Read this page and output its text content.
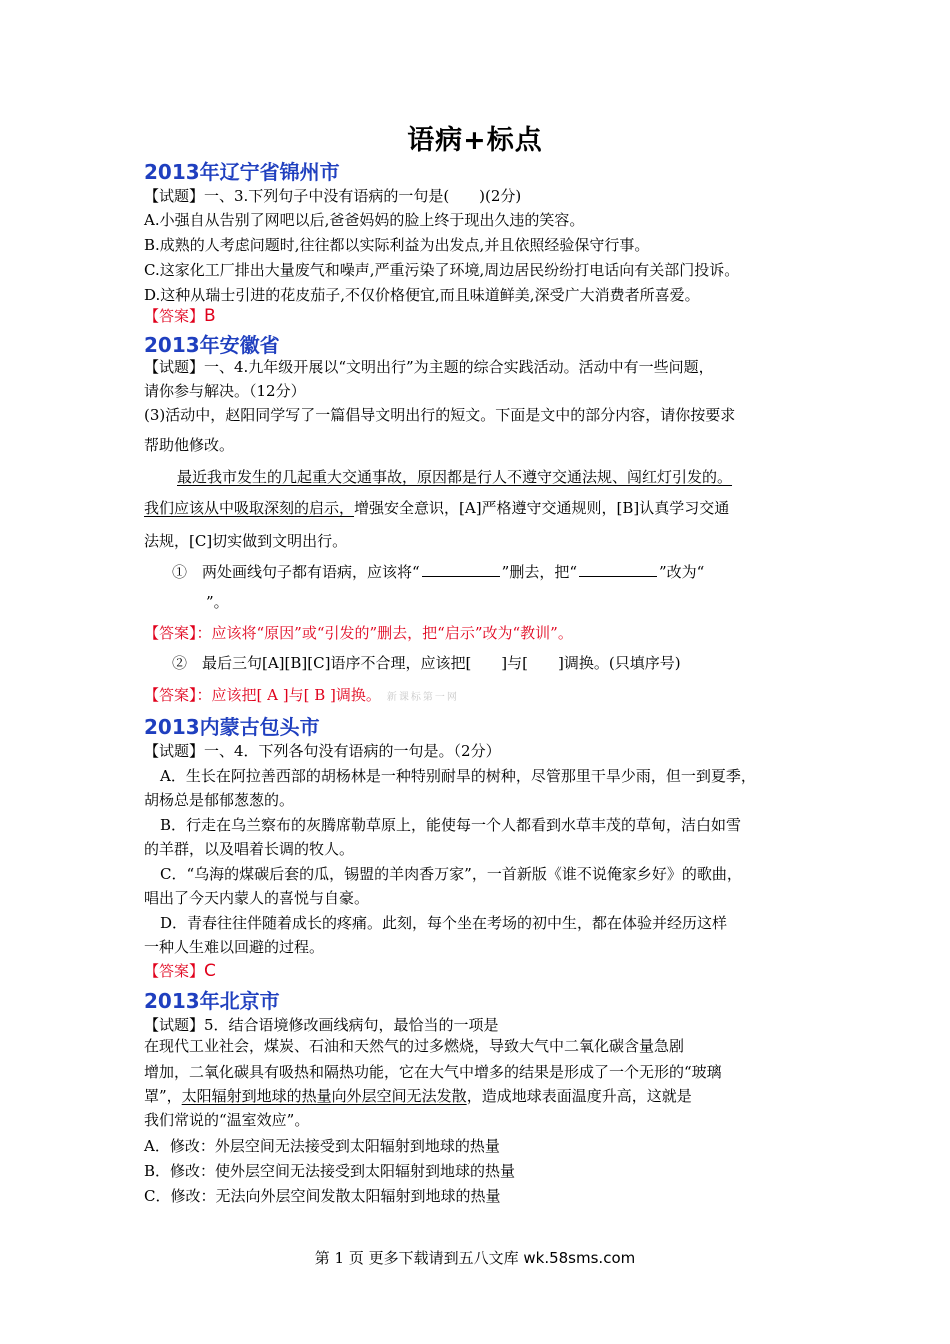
语病+标点
2013年辽宁省锦州市
【试题】一、3.下列句子中没有语病的一句是(　　)(2分)
A.小强自从告别了网吧以后,爸爸妈妈的脸上终于现出久违的笑容。
B.成熟的人考虑问题时,往往都以实际利益为出发点,并且依照经验保守行事。
C.这家化工厂排出大量废气和噪声,严重污染了环境,周边居民纷纷打电话向有关部门投诉。
D.这种从瑞士引进的花皮茄子,不仅价格便宜,而且味道鲜美,深受广大消费者所喜爱。
【答案】B
2013年安徽省
【试题】一、4.九年级开展以“文明出行”为主题的综合实践活动。活动中有一些问题，
请你参与解决。（12分）
(3)活动中，赵阳同学写了一篇倡导文明出行的短文。下面是文中的部分内容，请你按要求
帮助他修改。
最近我市发生的几起重大交通事故，原因都是行人不遵守交通法规、闯红灯引发的。
我们应该从中吸取深刻的启示，增强安全意识，[A]严格遵守交通规则，[B]认真学习交通
法规，[C]切实做到文明出行。
①　两处画线句子都有语病，应该将“	”删去，把“	”改为“
”。
【答案】：应该将“原因”或“引发的”删去，把“启示”改为“教训”。
②　最后三句[A][B][C]语序不合理，应该把[　　]与[　　]调换。(只填序号)
【答案】：应该把[ A ]与[ B ]调换。 新课标第一网
2013内蒙古包头市
【试题】一、4．下列各句没有语病的一句是。（2分）
A．生长在阿拉善西部的胡杨林是一种特别耐旱的树种，尽管那里干旱少雨，但一到夏季，
胡杨总是郁郁葱葱的。
B．行走在乌兰察布的灰腾席勒草原上，能使每一个人都看到水草丰茂的草甸，洁白如雪
的羊群，以及唱着长调的牧人。
C．“乌海的煤碳后套的瓜，锡盟的羊肉香万家”，一首新版《谁不说俺家乡好》的歌曲，
唱出了今天内蒙人的喜悦与自豪。
D．青春往往伴随着成长的疼痛。此刻，每个坐在考场的初中生，都在体验并经历这样
一种人生难以回避的过程。
【答案】C
2013年北京市
【试题】5．结合语境修改画线病句，最恰当的一项是
在现代工业社会，煤炭、石油和天然气的过多燃烧，导致大气中二氧化碳含量急剧
增加，二氧化碳具有吸热和隔热功能，它在大气中增多的结果是形成了一个无形的“玻璃
罩”，太阳辐射到地球的热量向外层空间无法发散，造成地球表面温度升高，这就是
我们常说的“温室效应”。
A．修改：外层空间无法接受到太阳辐射到地球的热量
B．修改：使外层空间无法接受到太阳辐射到地球的热量
C．修改：无法向外层空间发散太阳辐射到地球的热量
第 1 页 更多下载请到五八文库 wk.58sms.com
